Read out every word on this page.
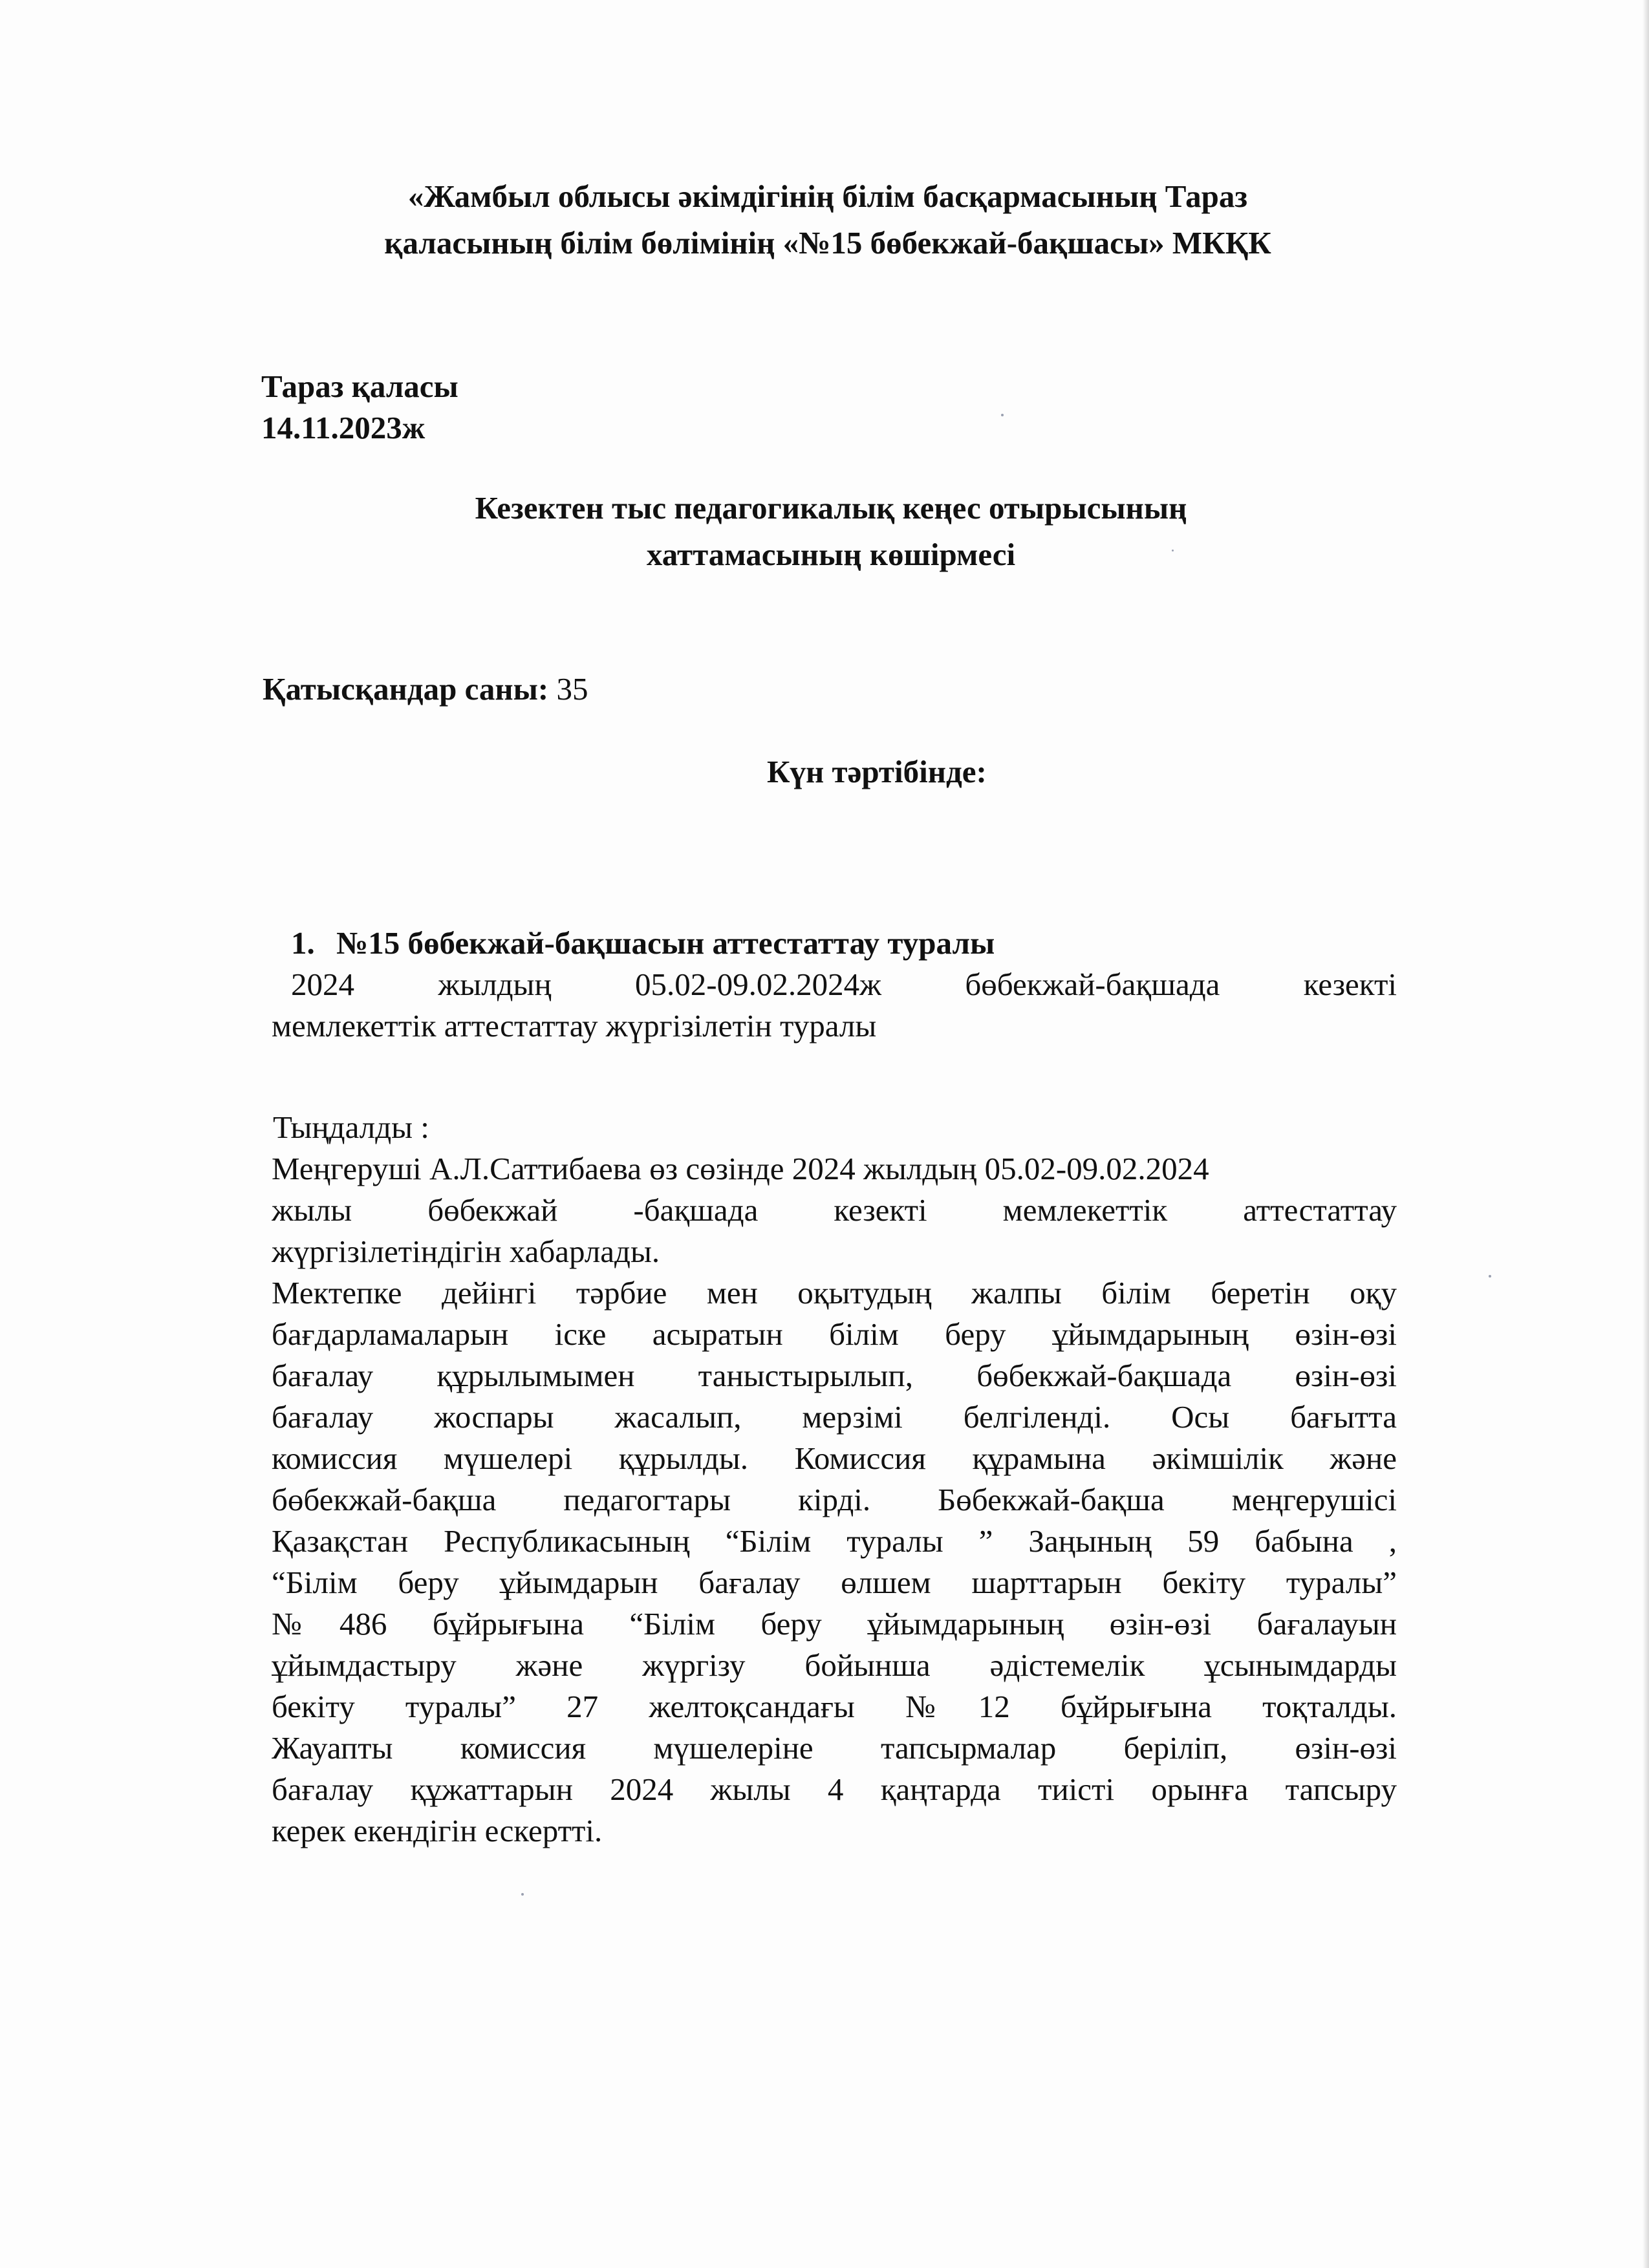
«Жамбыл облысы әкімдігінің білім басқармасының Тараз
қаласының білім бөлімінің «№15 бөбекжай-бақшасы» МКҚК
Тараз қаласы
14.11.2023ж
Кезектен тыс педагогикалық кеңес отырысының
хаттамасының көшірмесі
Қатысқандар саны: 35
Күн тәртібінде:
1. №15 бөбекжай-бақшасын аттестаттау туралы
2024 жылдың 05.02-09.02.2024ж бөбекжай-бақшада кезекті
мемлекеттік аттестаттау жүргізілетін туралы
Тыңдалды :
Меңгеруші А.Л.Саттибаева өз сөзінде 2024 жылдың 05.02-09.02.2024
жылы бөбекжай -бақшада кезекті мемлекеттік аттестаттау
жүргізілетіндігін хабарлады.
Мектепке дейінгі тәрбие мен оқытудың жалпы білім беретін оқу
бағдарламаларын іске асыратын білім беру ұйымдарының өзін-өзі
бағалау құрылымымен таныстырылып, бөбекжай-бақшада өзін-өзі
бағалау жоспары жасалып, мерзімі белгіленді. Осы бағытта
комиссия мүшелері құрылды. Комиссия құрамына әкімшілік және
бөбекжай-бақша педагогтары кірді. Бөбекжай-бақша меңгерушісі
Қазақстан Республикасының “Білім туралы ” Заңының 59 бабына ,
“Білім беру ұйымдарын бағалау өлшем шарттарын бекіту туралы”
№486 бұйрығына “Білім беру ұйымдарының өзін-өзі бағалауын
ұйымдастыру және жүргізу бойынша әдістемелік ұсынымдарды
бекіту туралы” 27 желтоқсандағы №12 бұйрығына тоқталды.
Жауапты комиссия мүшелеріне тапсырмалар беріліп, өзін-өзі
бағалау құжаттарын 2024 жылы 4 қаңтарда тиісті орынға тапсыру
керек екендігін ескертті.
